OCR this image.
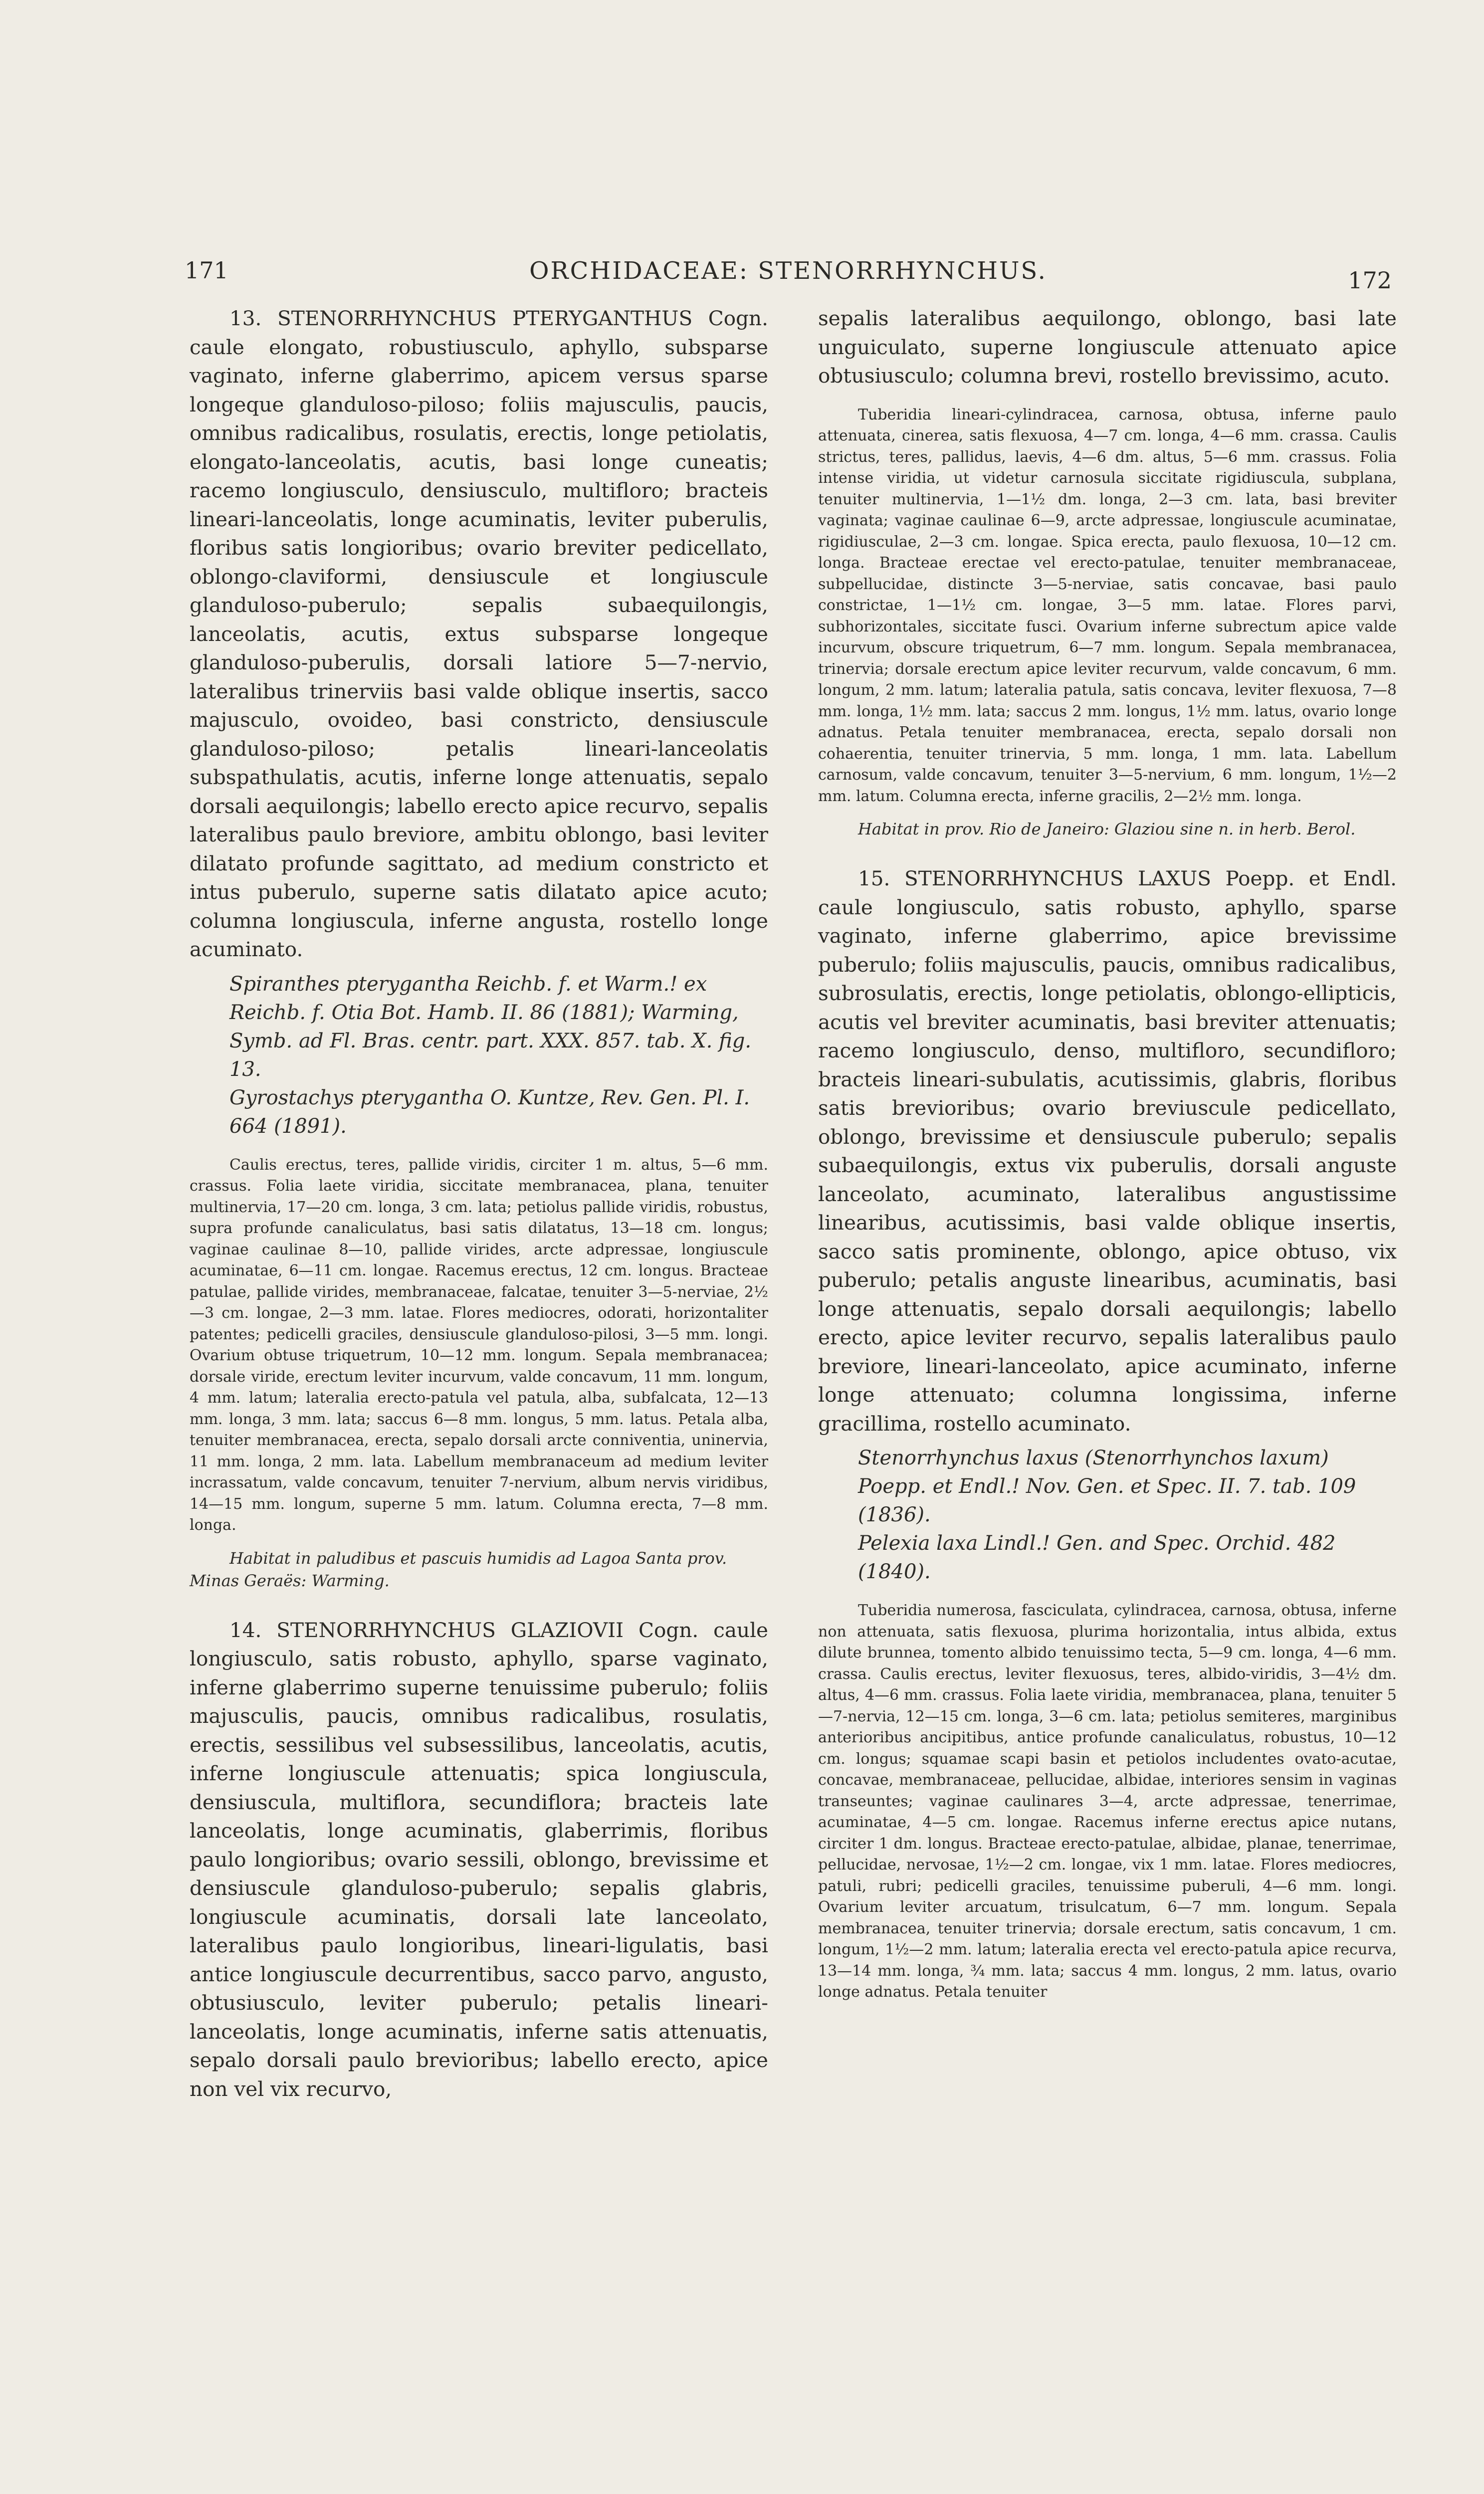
171	ORCHIDACEAE: STENORRHYNCHUS.	172

13. STENORRHYNCHUS PTERYGANTHUS Cogn. caule elongato, robustiusculo, aphyllo, subsparse vaginato, inferne glaberrimo, apicem versus sparse longeque glanduloso-piloso; foliis majusculis, paucis, omnibus radicalibus, rosulatis, erectis, longe petiolatis, elongato-lanceolatis, acutis, basi longe cuneatis; racemo longiusculo, densiusculo, multifloro; bracteis lineari-lanceolatis, longe acuminatis, leviter puberulis, floribus satis longioribus; ovario breviter pedicellato, oblongo-claviformi, densiuscule et longiuscule glanduloso-puberulo; sepalis subaequilongis, lanceolatis, acutis, extus subsparse longeque glanduloso-puberulis, dorsali latiore 5—7-nervio, lateralibus trinerviis basi valde oblique insertis, sacco majusculo, ovoideo, basi constricto, densiuscule glanduloso-piloso; petalis lineari-lanceolatis subspathulatis, acutis, inferne longe attenuatis, sepalo dorsali aequilongis; labello erecto apice recurvo, sepalis lateralibus paulo breviore, ambitu oblongo, basi leviter dilatato profunde sagittato, ad medium constricto et intus puberulo, superne satis dilatato apice acuto; columna longiuscula, inferne angusta, rostello longe acuminato.

Spiranthes pterygantha Reichb. f. et Warm.! ex Reichb. f. Otia Bot. Hamb. II. 86 (1881); Warming, Symb. ad Fl. Bras. centr. part. XXX. 857. tab. X. fig. 13.

Gyrostachys pterygantha O. Kuntze, Rev. Gen. Pl. I. 664 (1891).

Caulis erectus, teres, pallide viridis, circiter 1 m. altus, 5—6 mm. crassus. Folia laete viridia, siccitate membranacea, plana, tenuiter multinervia, 17—20 cm. longa, 3 cm. lata; petiolus pallide viridis, robustus, supra profunde canaliculatus, basi satis dilatatus, 13—18 cm. longus; vaginae caulinae 8—10, pallide virides, arcte adpressae, longiuscule acuminatae, 6—11 cm. longae. Racemus erectus, 12 cm. longus. Bracteae patulae, pallide virides, membranaceae, falcatae, tenuiter 3—5-nerviae, 2½—3 cm. longae, 2—3 mm. latae. Flores mediocres, odorati, horizontaliter patentes; pedicelli graciles, densiuscule glanduloso-pilosi, 3—5 mm. longi. Ovarium obtuse triquetrum, 10—12 mm. longum. Sepala membranacea; dorsale viride, erectum leviter incurvum, valde concavum, 11 mm. longum, 4 mm. latum; lateralia erecto-patula vel patula, alba, subfalcata, 12—13 mm. longa, 3 mm. lata; saccus 6—8 mm. longus, 5 mm. latus. Petala alba, tenuiter membranacea, erecta, sepalo dorsali arcte conniventia, uninervia, 11 mm. longa, 2 mm. lata. Labellum membranaceum ad medium leviter incrassatum, valde concavum, tenuiter 7-nervium, album nervis viridibus, 14—15 mm. longum, superne 5 mm. latum. Columna erecta, 7—8 mm. longa.

Habitat in paludibus et pascuis humidis ad Lagoa Santa prov. Minas Geraës: Warming.

14. STENORRHYNCHUS GLAZIOVII Cogn. caule longiusculo, satis robusto, aphyllo, sparse vaginato, inferne glaberrimo superne tenuissime puberulo; foliis majusculis, paucis, omnibus radicalibus, rosulatis, erectis, sessilibus vel subsessilibus, lanceolatis, acutis, inferne longiuscule attenuatis; spica longiuscula, densiuscula, multiflora, secundiflora; bracteis late lanceolatis, longe acuminatis, glaberrimis, floribus paulo longioribus; ovario sessili, oblongo, brevissime et densiuscule glanduloso-puberulo; sepalis glabris, longiuscule acuminatis, dorsali late lanceolato, lateralibus paulo longioribus, lineari-ligulatis, basi antice longiuscule decurrentibus, sacco parvo, angusto, obtusiusculo, leviter puberulo; petalis lineari-lanceolatis, longe acuminatis, inferne satis attenuatis, sepalo dorsali paulo brevioribus; labello erecto, apice non vel vix recurvo,

sepalis lateralibus aequilongo, oblongo, basi late unguiculato, superne longiuscule attenuato apice obtusiusculo; columna brevi, rostello brevissimo, acuto.

Tuberidia lineari-cylindracea, carnosa, obtusa, inferne paulo attenuata, cinerea, satis flexuosa, 4—7 cm. longa, 4—6 mm. crassa. Caulis strictus, teres, pallidus, laevis, 4—6 dm. altus, 5—6 mm. crassus. Folia intense viridia, ut videtur carnosula siccitate rigidiuscula, subplana, tenuiter multinervia, 1—1½ dm. longa, 2—3 cm. lata, basi breviter vaginata; vaginae caulinae 6—9, arcte adpressae, longiuscule acuminatae, rigidiusculae, 2—3 cm. longae. Spica erecta, paulo flexuosa, 10—12 cm. longa. Bracteae erectae vel erecto-patulae, tenuiter membranaceae, subpellucidae, distincte 3—5-nerviae, satis concavae, basi paulo constrictae, 1—1½ cm. longae, 3—5 mm. latae. Flores parvi, subhorizontales, siccitate fusci. Ovarium inferne subrectum apice valde incurvum, obscure triquetrum, 6—7 mm. longum. Sepala membranacea, trinervia; dorsale erectum apice leviter recurvum, valde concavum, 6 mm. longum, 2 mm. latum; lateralia patula, satis concava, leviter flexuosa, 7—8 mm. longa, 1½ mm. lata; saccus 2 mm. longus, 1½ mm. latus, ovario longe adnatus. Petala tenuiter membranacea, erecta, sepalo dorsali non cohaerentia, tenuiter trinervia, 5 mm. longa, 1 mm. lata. Labellum carnosum, valde concavum, tenuiter 3—5-nervium, 6 mm. longum, 1½—2 mm. latum. Columna erecta, inferne gracilis, 2—2½ mm. longa.

Habitat in prov. Rio de Janeiro: Glaziou sine n. in herb. Berol.

15. STENORRHYNCHUS LAXUS Poepp. et Endl. caule longiusculo, satis robusto, aphyllo, sparse vaginato, inferne glaberrimo, apice brevissime puberulo; foliis majusculis, paucis, omnibus radicalibus, subrosulatis, erectis, longe petiolatis, oblongo-ellipticis, acutis vel breviter acuminatis, basi breviter attenuatis; racemo longiusculo, denso, multifloro, secundifloro; bracteis lineari-subulatis, acutissimis, glabris, floribus satis brevioribus; ovario breviuscule pedicellato, oblongo, brevissime et densiuscule puberulo; sepalis subaequilongis, extus vix puberulis, dorsali anguste lanceolato, acuminato, lateralibus angustissime linearibus, acutissimis, basi valde oblique insertis, sacco satis prominente, oblongo, apice obtuso, vix puberulo; petalis anguste linearibus, acuminatis, basi longe attenuatis, sepalo dorsali aequilongis; labello erecto, apice leviter recurvo, sepalis lateralibus paulo breviore, lineari-lanceolato, apice acuminato, inferne longe attenuato; columna longissima, inferne gracillima, rostello acuminato.

Stenorrhynchus laxus (Stenorrhynchos laxum) Poepp. et Endl.! Nov. Gen. et Spec. II. 7. tab. 109 (1836).

Pelexia laxa Lindl.! Gen. and Spec. Orchid. 482 (1840).

Tuberidia numerosa, fasciculata, cylindracea, carnosa, obtusa, inferne non attenuata, satis flexuosa, plurima horizontalia, intus albida, extus dilute brunnea, tomento albido tenuissimo tecta, 5—9 cm. longa, 4—6 mm. crassa. Caulis erectus, leviter flexuosus, teres, albido-viridis, 3—4½ dm. altus, 4—6 mm. crassus. Folia laete viridia, membranacea, plana, tenuiter 5—7-nervia, 12—15 cm. longa, 3—6 cm. lata; petiolus semiteres, marginibus anterioribus ancipitibus, antice profunde canaliculatus, robustus, 10—12 cm. longus; squamae scapi basin et petiolos includentes ovato-acutae, concavae, membranaceae, pellucidae, albidae, interiores sensim in vaginas transeuntes; vaginae caulinares 3—4, arcte adpressae, tenerrimae, acuminatae, 4—5 cm. longae. Racemus inferne erectus apice nutans, circiter 1 dm. longus. Bracteae erecto-patulae, albidae, planae, tenerrimae, pellucidae, nervosae, 1½—2 cm. longae, vix 1 mm. latae. Flores mediocres, patuli, rubri; pedicelli graciles, tenuissime puberuli, 4—6 mm. longi. Ovarium leviter arcuatum, trisulcatum, 6—7 mm. longum. Sepala membranacea, tenuiter trinervia; dorsale erectum, satis concavum, 1 cm. longum, 1½—2 mm. latum; lateralia erecta vel erecto-patula apice recurva, 13—14 mm. longa, ¾ mm. lata; saccus 4 mm. longus, 2 mm. latus, ovario longe adnatus. Petala tenuiter
